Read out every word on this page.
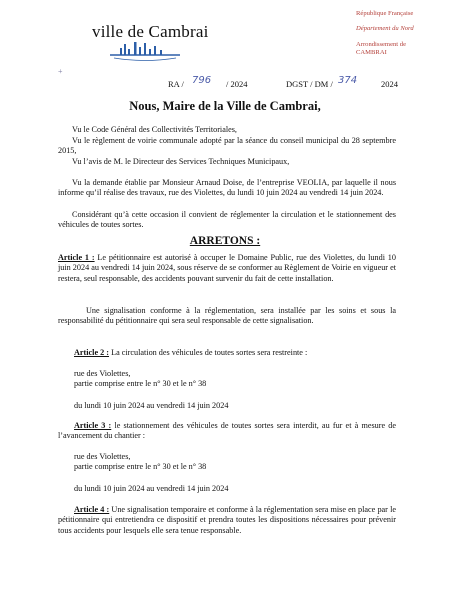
ville de Cambrai
République Française
Département du Nord
Arrondissement de
CAMBRAI
+
RA / 796 / 2024	DGST / DM / 374	2024
Nous, Maire de la Ville de Cambrai,
Vu le Code Général des Collectivités Territoriales,
Vu le règlement de voirie communale adopté par la séance du conseil municipal du 28 septembre 2015,
Vu l’avis de M. le Directeur des Services Techniques Municipaux,
Vu la demande établie par Monsieur Arnaud Doise, de l’entreprise VEOLIA, par laquelle il nous informe qu’il réalise des travaux, rue des Violettes, du lundi 10 juin 2024 au vendredi 14 juin 2024.
Considérant qu’à cette occasion il convient de réglementer la circulation et le stationnement des véhicules de toutes sortes.
ARRETONS :
Article 1 : Le pétitionnaire est autorisé à occuper le Domaine Public, rue des Violettes, du lundi 10 juin 2024 au vendredi 14 juin 2024, sous réserve de se conformer au Règlement de Voirie en vigueur et restera, seul responsable, des accidents pouvant survenir du fait de cette installation.
Une signalisation conforme à la réglementation, sera installée par les soins et sous la responsabilité du pétitionnaire qui sera seul responsable de cette signalisation.
Article 2 : La circulation des véhicules de toutes sortes sera restreinte :
rue des Violettes,
partie comprise entre le n° 30 et le n° 38
du lundi 10 juin 2024 au vendredi 14 juin 2024
Article 3 : le stationnement des véhicules de toutes sortes sera interdit, au fur et à mesure de l’avancement du chantier :
rue des Violettes,
partie comprise entre le n° 30 et le n° 38
du lundi 10 juin 2024 au vendredi 14 juin 2024
Article 4 : Une signalisation temporaire et conforme à la réglementation sera mise en place par le pétitionnaire qui entretiendra ce dispositif et prendra toutes les dispositions nécessaires pour prévenir tous accidents pour lesquels elle sera tenue responsable.
